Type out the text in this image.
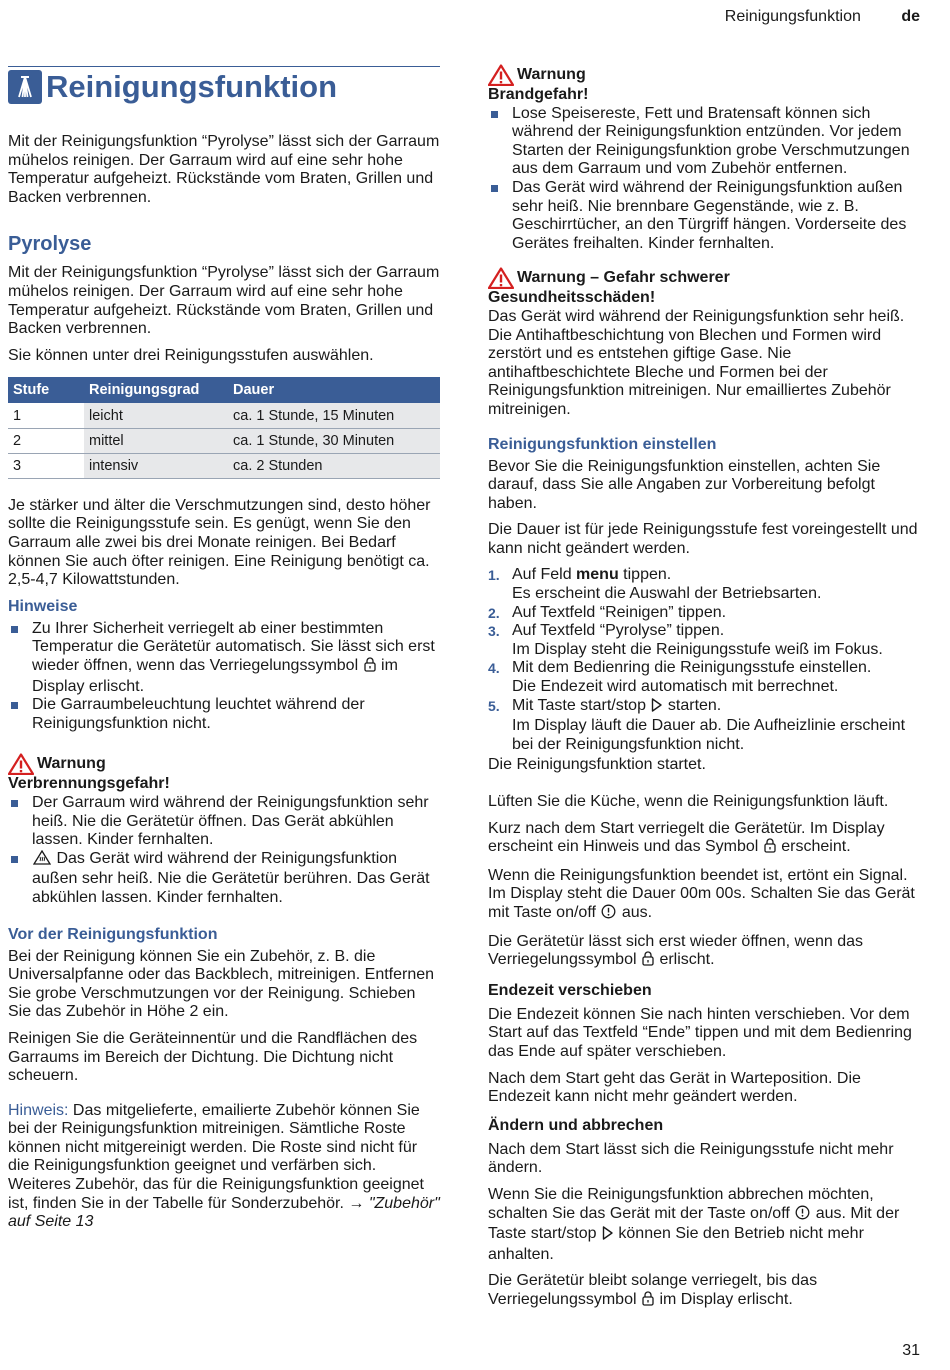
Reinigungsfunktion	de
Reinigungsfunktion

Mit der Reinigungsfunktion “Pyrolyse” lässt sich der Garraum mühelos reinigen. Der Garraum wird auf eine sehr hohe Temperatur aufgeheizt. Rückstände vom Braten, Grillen und Backen verbrennen.

Pyrolyse

Mit der Reinigungsfunktion “Pyrolyse” lässt sich der Garraum mühelos reinigen. Der Garraum wird auf eine sehr hohe Temperatur aufgeheizt. Rückstände vom Braten, Grillen und Backen verbrennen.

Sie können unter drei Reinigungsstufen auswählen.

Stufe	Reinigungsgrad	Dauer
1	leicht	ca. 1 Stunde, 15 Minuten
2	mittel	ca. 1 Stunde, 30 Minuten
3	intensiv	ca. 2 Stunden

Je stärker und älter die Verschmutzungen sind, desto höher sollte die Reinigungsstufe sein. Es genügt, wenn Sie den Garraum alle zwei bis drei Monate reinigen. Bei Bedarf können Sie auch öfter reinigen. Eine Reinigung benötigt ca. 2,5-4,7 Kilowattstunden.

Hinweise
Zu Ihrer Sicherheit verriegelt ab einer bestimmten Temperatur die Gerätetür automatisch. Sie lässt sich erst wieder öffnen, wenn das Verriegelungssymbol im Display erlischt.
Die Garraumbeleuchtung leuchtet während der Reinigungsfunktion nicht.
Warnung
Verbrennungsgefahr!
Der Garraum wird während der Reinigungsfunktion sehr heiß. Nie die Gerätetür öffnen. Das Gerät abkühlen lassen. Kinder fernhalten.
Das Gerät wird während der Reinigungsfunktion außen sehr heiß. Nie die Gerätetür berühren. Das Gerät abkühlen lassen. Kinder fernhalten.
Vor der Reinigungsfunktion

Bei der Reinigung können Sie ein Zubehör, z. B. die Universalpfanne oder das Backblech, mitreinigen. Entfernen Sie grobe Verschmutzungen vor der Reinigung. Schieben Sie das Zubehör in Höhe 2 ein.

Reinigen Sie die Geräteinnentür und die Randflächen des Garraums im Bereich der Dichtung. Die Dichtung nicht scheuern.

Hinweis: Das mitgelieferte, emailierte Zubehör können Sie bei der Reinigungsfunktion mitreinigen. Sämtliche Roste können nicht mitgereinigt werden. Die Roste sind nicht für die Reinigungsfunktion geeignet und verfärben sich. Weiteres Zubehör, das für die Reinigungsfunktion geeignet ist, finden Sie in der Tabelle für Sonderzubehör. → "Zubehör" auf Seite 13

Warnung
Brandgefahr!
Lose Speisereste, Fett und Bratensaft können sich während der Reinigungsfunktion entzünden. Vor jedem Starten der Reinigungsfunktion grobe Verschmutzungen aus dem Garraum und vom Zubehör entfernen.
Das Gerät wird während der Reinigungsfunktion außen sehr heiß. Nie brennbare Gegenstände, wie z. B. Geschirrtücher, an den Türgriff hängen. Vorderseite des Gerätes freihalten. Kinder fernhalten.
Warnung – Gefahr schwerer
Gesundheitsschäden!

Das Gerät wird während der Reinigungsfunktion sehr heiß. Die Antihaftbeschichtung von Blechen und Formen wird zerstört und es entstehen giftige Gase. Nie antihaftbeschichtete Bleche und Formen bei der Reinigungsfunktion mitreinigen. Nur emailliertes Zubehör mitreinigen.

Reinigungsfunktion einstellen

Bevor Sie die Reinigungsfunktion einstellen, achten Sie darauf, dass Sie alle Angaben zur Vorbereitung befolgt haben.

Die Dauer ist für jede Reinigungsstufe fest voreingestellt und kann nicht geändert werden.

1. Auf Feld menu tippen.
Es erscheint die Auswahl der Betriebsarten.
2. Auf Textfeld “Reinigen” tippen.
3. Auf Textfeld “Pyrolyse” tippen.
Im Display steht die Reinigungsstufe weiß im Fokus.
4. Mit dem Bedienring die Reinigungsstufe einstellen.
Die Endezeit wird automatisch mit berrechnet.
5. Mit Taste start/stop starten.
Im Display läuft die Dauer ab. Die Aufheizlinie erscheint bei der Reinigungsfunktion nicht.

Die Reinigungsfunktion startet.

Lüften Sie die Küche, wenn die Reinigungsfunktion läuft.

Kurz nach dem Start verriegelt die Gerätetür. Im Display erscheint ein Hinweis und das Symbol erscheint.

Wenn die Reinigungsfunktion beendet ist, ertönt ein Signal. Im Display steht die Dauer 00m 00s. Schalten Sie das Gerät mit Taste on/off aus.

Die Gerätetür lässt sich erst wieder öffnen, wenn das Verriegelungssymbol erlischt.

Endezeit verschieben

Die Endezeit können Sie nach hinten verschieben. Vor dem Start auf das Textfeld “Ende” tippen und mit dem Bedienring das Ende auf später verschieben.

Nach dem Start geht das Gerät in Warteposition. Die Endezeit kann nicht mehr geändert werden.

Ändern und abbrechen

Nach dem Start lässt sich die Reinigungsstufe nicht mehr ändern.

Wenn Sie die Reinigungsfunktion abbrechen möchten, schalten Sie das Gerät mit der Taste on/off aus. Mit der Taste start/stop können Sie den Betrieb nicht mehr anhalten.

Die Gerätetür bleibt solange verriegelt, bis das Verriegelungssymbol im Display erlischt.

31
